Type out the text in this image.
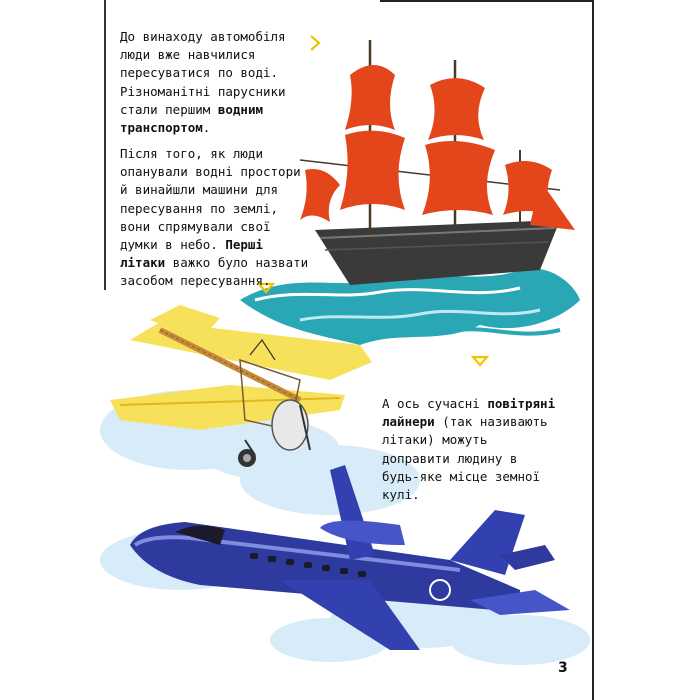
До винаходу автомобіля люди вже навчилися пересуватися по воді. Різноманітні парусники стали першим водним транспортом.

Після того, як люди опанували водні простори й винайшли машини для пересування по землі, вони спрямували свої думки в небо. Перші літаки важко було назвати засобом пересування.

А ось сучасні повітряні лайнери (так називають літаки) можуть доправити людину в будь-яке місце земної кулі.

3
